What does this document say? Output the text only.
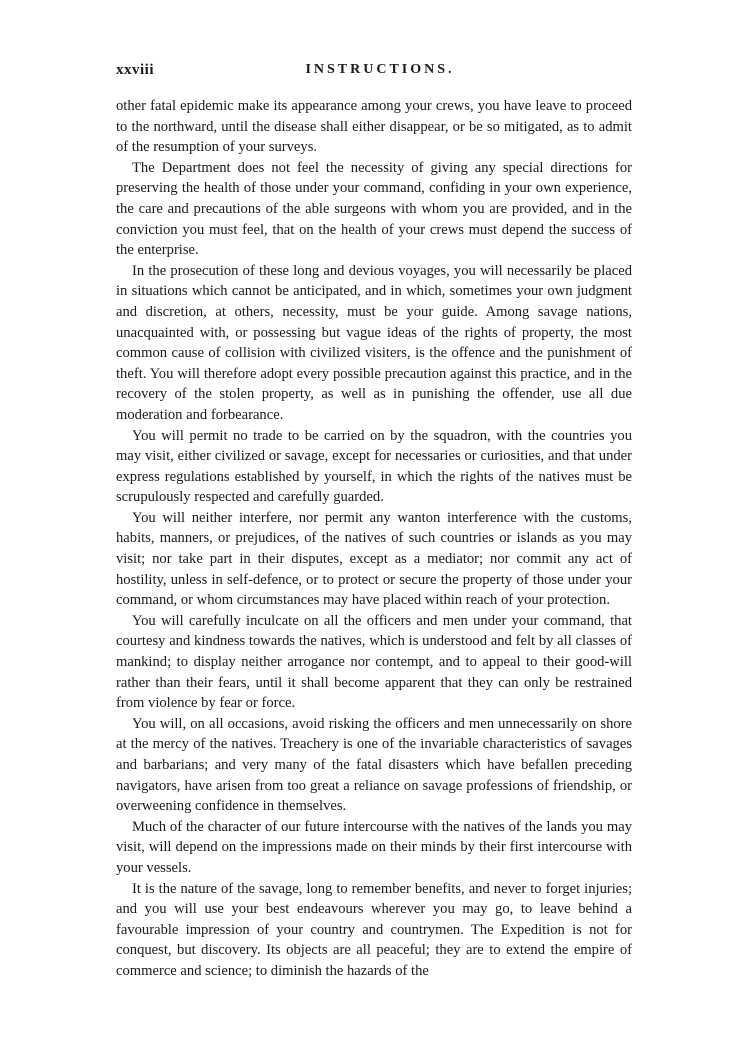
xxviii	INSTRUCTIONS.

other fatal epidemic make its appearance among your crews, you have leave to proceed to the northward, until the disease shall either disappear, or be so mitigated, as to admit of the resumption of your surveys.

The Department does not feel the necessity of giving any special directions for preserving the health of those under your command, confiding in your own experience, the care and precautions of the able surgeons with whom you are provided, and in the conviction you must feel, that on the health of your crews must depend the success of the enterprise.

In the prosecution of these long and devious voyages, you will necessarily be placed in situations which cannot be anticipated, and in which, sometimes your own judgment and discretion, at others, necessity, must be your guide. Among savage nations, unacquainted with, or possessing but vague ideas of the rights of property, the most common cause of collision with civilized visiters, is the offence and the punishment of theft. You will therefore adopt every possible precaution against this practice, and in the recovery of the stolen property, as well as in punishing the offender, use all due moderation and forbearance.

You will permit no trade to be carried on by the squadron, with the countries you may visit, either civilized or savage, except for necessaries or curiosities, and that under express regulations established by yourself, in which the rights of the natives must be scrupulously respected and carefully guarded.

You will neither interfere, nor permit any wanton interference with the customs, habits, manners, or prejudices, of the natives of such countries or islands as you may visit; nor take part in their disputes, except as a mediator; nor commit any act of hostility, unless in self-defence, or to protect or secure the property of those under your command, or whom circumstances may have placed within reach of your protection.

You will carefully inculcate on all the officers and men under your command, that courtesy and kindness towards the natives, which is understood and felt by all classes of mankind; to display neither arrogance nor contempt, and to appeal to their good-will rather than their fears, until it shall become apparent that they can only be restrained from violence by fear or force.

You will, on all occasions, avoid risking the officers and men unnecessarily on shore at the mercy of the natives. Treachery is one of the invariable characteristics of savages and barbarians; and very many of the fatal disasters which have befallen preceding navigators, have arisen from too great a reliance on savage professions of friendship, or overweening confidence in themselves.

Much of the character of our future intercourse with the natives of the lands you may visit, will depend on the impressions made on their minds by their first intercourse with your vessels.

It is the nature of the savage, long to remember benefits, and never to forget injuries; and you will use your best endeavours wherever you may go, to leave behind a favourable impression of your country and countrymen. The Expedition is not for conquest, but discovery. Its objects are all peaceful; they are to extend the empire of commerce and science; to diminish the hazards of the
